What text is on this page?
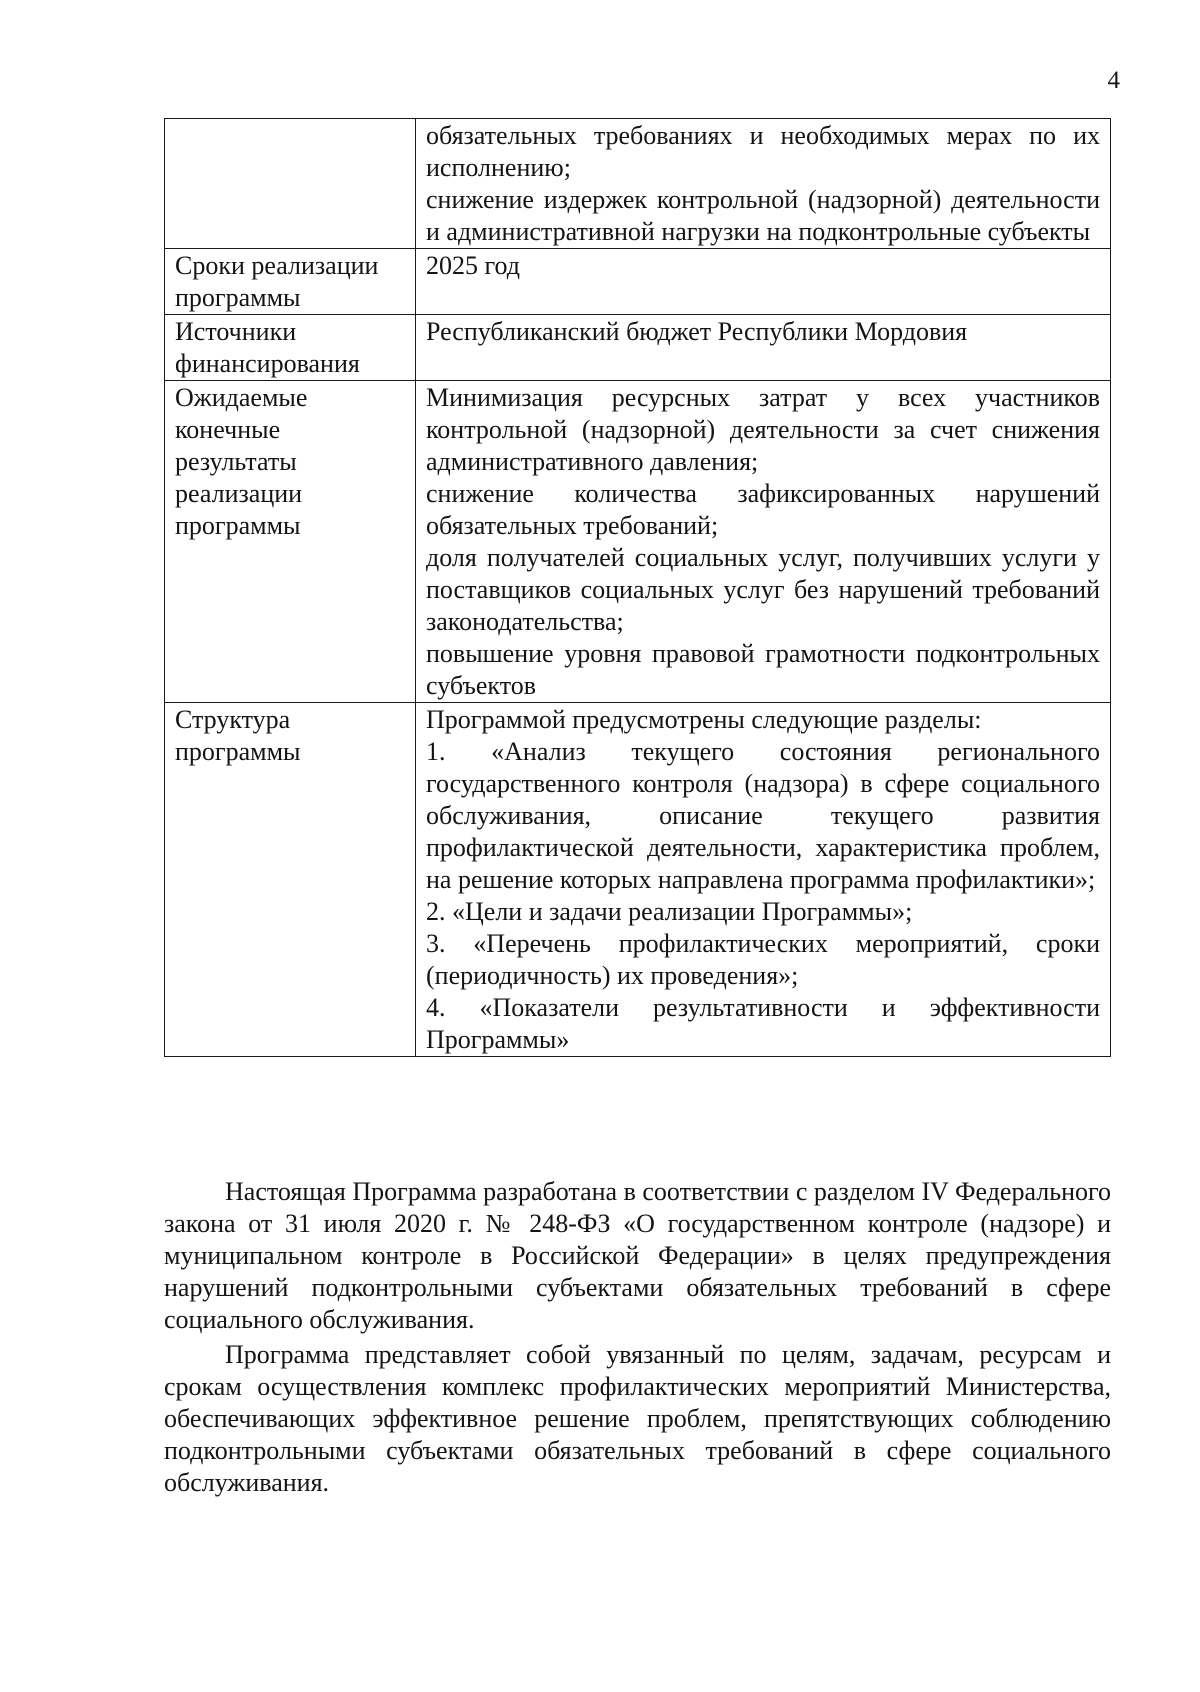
4

	обязательных требованиях и необходимых мерах по их исполнению;

снижение издержек контрольной (надзорной) деятельности и административной нагрузки на подконтрольные субъекты

Сроки реализации программы	2025 год

Источники финансирования	Республиканский бюджет Республики Мордовия

Ожидаемые конечные результаты реализации программы	Минимизация ресурсных затрат у всех участников контрольной (надзорной) деятельности за счет снижения административного давления;

снижение количества зафиксированных нарушений обязательных требований;

доля получателей социальных услуг, получивших услуги у поставщиков социальных услуг без нарушений требований законодательства;

повышение уровня правовой грамотности подконтрольных субъектов

Структура программы	Программой предусмотрены следующие разделы:

1. «Анализ текущего состояния регионального государственного контроля (надзора) в сфере социального обслуживания, описание текущего развития профилактической деятельности, характеристика проблем, на решение которых направлена программа профилактики»;

2. «Цели и задачи реализации Программы»;

3. «Перечень профилактических мероприятий, сроки (периодичность) их проведения»;

4. «Показатели результативности и эффективности Программы»

Настоящая Программа разработана в соответствии с разделом IV Федерального закона от 31 июля 2020 г. № 248-ФЗ «О государственном контроле (надзоре) и муниципальном контроле в Российской Федерации» в целях предупреждения нарушений подконтрольными субъектами обязательных требований в сфере социального обслуживания.

Программа представляет собой увязанный по целям, задачам, ресурсам и срокам осуществления комплекс профилактических мероприятий Министерства, обеспечивающих эффективное решение проблем, препятствующих соблюдению подконтрольными субъектами обязательных требований в сфере социального обслуживания.
